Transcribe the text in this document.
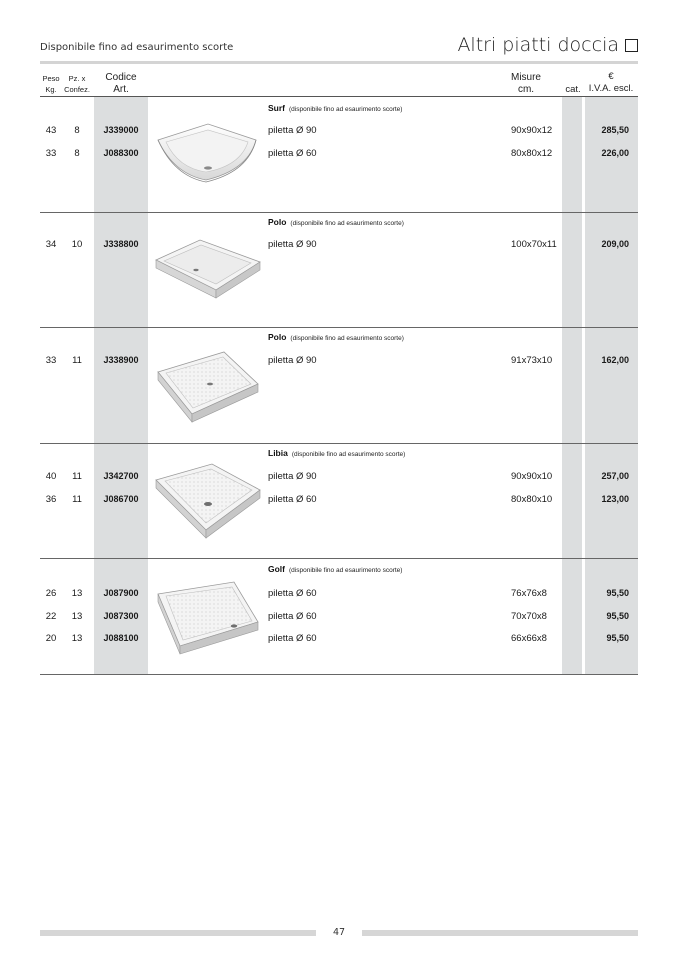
Disponibile fino ad esaurimento scorte	Altri piatti doccia
Peso
Kg.
Pz. x
Confez.
Codice
Art.
Misure
cm.	cat.
€
I.V.A. escl.
Surf (disponibile fino ad esaurimento scorte)
43	8	J339000	piletta Ø 90	90x90x12	285,50
33	8	J088300	piletta Ø 60	80x80x12	226,00
Polo (disponibile fino ad esaurimento scorte)
34	10	J338800	piletta Ø 90	100x70x11	209,00
Polo (disponibile fino ad esaurimento scorte)
33	11	J338900	piletta Ø 90	91x73x10	162,00
Libia (disponibile fino ad esaurimento scorte)
40	11	J342700	piletta Ø 90	90x90x10	257,00
36	11	J086700	piletta Ø 60	80x80x10	123,00
Golf (disponibile fino ad esaurimento scorte)
26	13	J087900	piletta Ø 60	76x76x8	95,50
22	13	J087300	piletta Ø 60	70x70x8	95,50
20	13	J088100	piletta Ø 60	66x66x8	95,50
47
